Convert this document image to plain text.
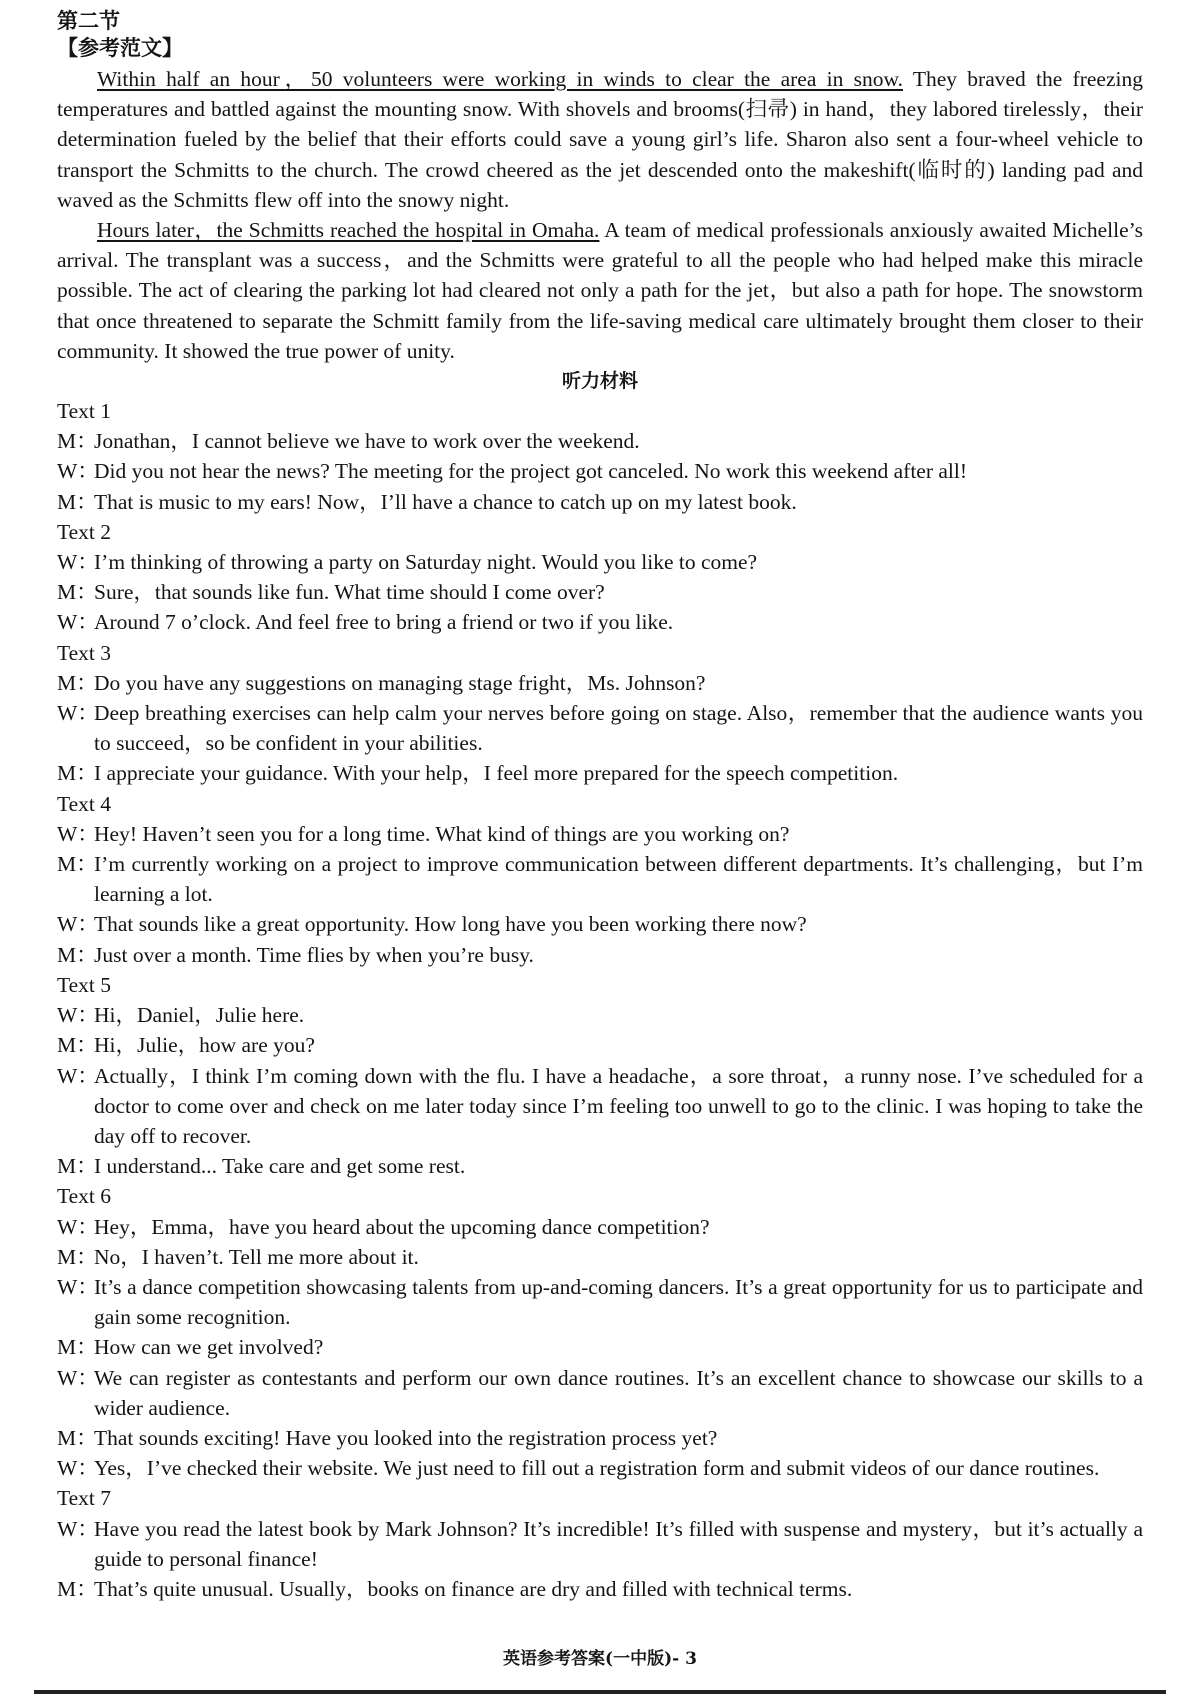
第二节

【参考范文】

Within half an hour，50 volunteers were working in winds to clear the area in snow. They braved the freezing temperatures and battled against the mounting snow. With shovels and brooms(扫帚) in hand，they labored tirelessly，their determination fueled by the belief that their efforts could save a young girl’s life. Sharon also sent a four-wheel vehicle to transport the Schmitts to the church. The crowd cheered as the jet descended onto the makeshift(临时的) landing pad and waved as the Schmitts flew off into the snowy night.

Hours later，the Schmitts reached the hospital in Omaha. A team of medical professionals anxiously awaited Michelle’s arrival. The transplant was a success，and the Schmitts were grateful to all the people who had helped make this miracle possible. The act of clearing the parking lot had cleared not only a path for the jet，but also a path for hope. The snowstorm that once threatened to separate the Schmitt family from the life-saving medical care ultimately brought them closer to their community. It showed the true power of unity.

听力材料

Text 1

M：
Jonathan，I cannot believe we have to work over the weekend.
W：
Did you not hear the news? The meeting for the project got canceled. No work this weekend after all!
M：
That is music to my ears! Now，I’ll have a chance to catch up on my latest book.

Text 2

W：
I’m thinking of throwing a party on Saturday night. Would you like to come?
M：
Sure，that sounds like fun. What time should I come over?
W：
Around 7 o’clock. And feel free to bring a friend or two if you like.

Text 3

M：
Do you have any suggestions on managing stage fright，Ms. Johnson?
W：
Deep breathing exercises can help calm your nerves before going on stage. Also，remember that the audience wants you to succeed，so be confident in your abilities.
M：
I appreciate your guidance. With your help，I feel more prepared for the speech competition.

Text 4

W：
Hey! Haven’t seen you for a long time. What kind of things are you working on?
M：
I’m currently working on a project to improve communication between different departments. It’s challenging，but I’m learning a lot.
W：
That sounds like a great opportunity. How long have you been working there now?
M：
Just over a month. Time flies by when you’re busy.

Text 5

W：
Hi，Daniel，Julie here.
M：
Hi，Julie，how are you?
W：
Actually，I think I’m coming down with the flu. I have a headache，a sore throat，a runny nose. I’ve scheduled for a doctor to come over and check on me later today since I’m feeling too unwell to go to the clinic. I was hoping to take the day off to recover.
M：
I understand... Take care and get some rest.

Text 6

W：
Hey，Emma，have you heard about the upcoming dance competition?
M：
No，I haven’t. Tell me more about it.
W：
It’s a dance competition showcasing talents from up-and-coming dancers. It’s a great opportunity for us to participate and gain some recognition.
M：
How can we get involved?
W：
We can register as contestants and perform our own dance routines. It’s an excellent chance to showcase our skills to a wider audience.
M：
That sounds exciting! Have you looked into the registration process yet?
W：
Yes，I’ve checked their website. We just need to fill out a registration form and submit videos of our dance routines.

Text 7

W：
Have you read the latest book by Mark Johnson? It’s incredible! It’s filled with suspense and mystery，but it’s actually a guide to personal finance!
M：
That’s quite unusual. Usually，books on finance are dry and filled with technical terms.
英语参考答案(一中版)- 3
